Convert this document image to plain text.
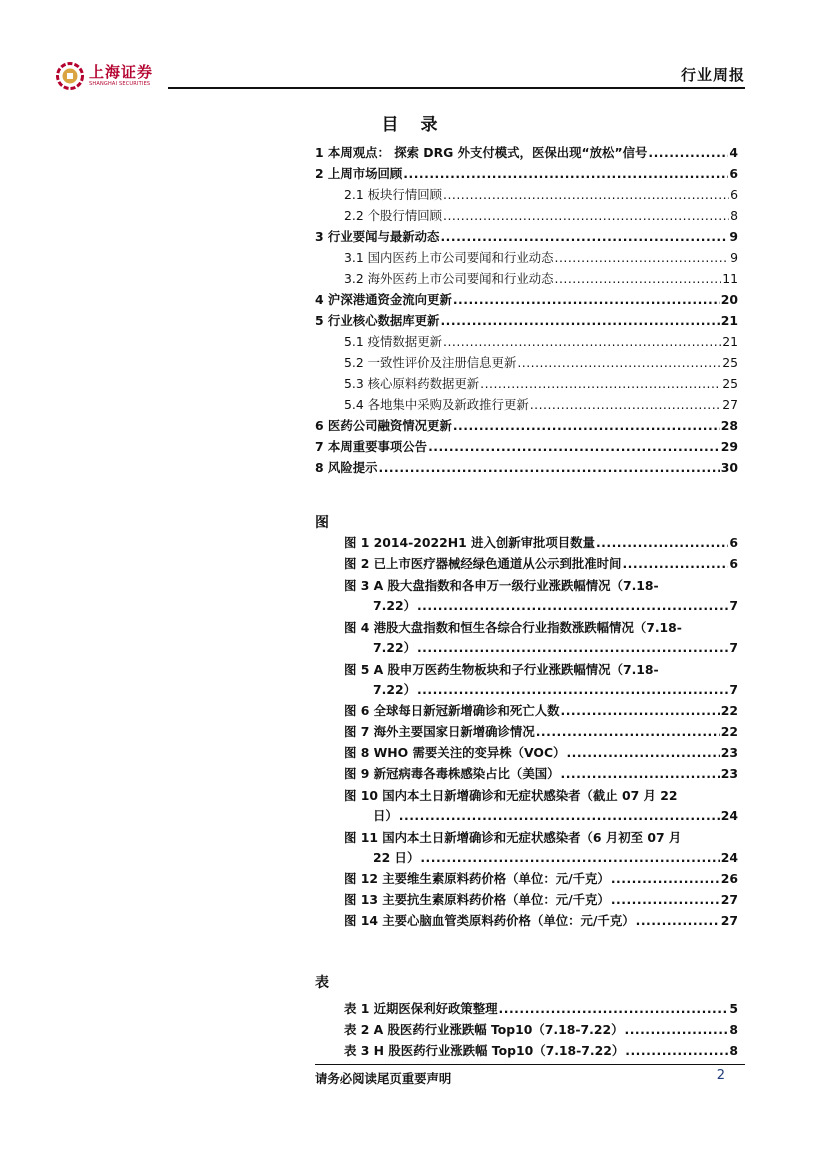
上海证券
SHANGHAI SECURITIES	行业周报
目 录
1 本周观点： 探索 DRG 外支付模式，医保出现“放松”信号 .....	4
2 上周市场回顾 .....	6
2.1 板块行情回顾 .....	6
2.2 个股行情回顾 .....	8
3 行业要闻与最新动态 .....	9
3.1 国内医药上市公司要闻和行业动态 .....	9
3.2 海外医药上市公司要闻和行业动态 .....	11
4 沪深港通资金流向更新 .....	20
5 行业核心数据库更新 .....	21
5.1 疫情数据更新 .....	21
5.2 一致性评价及注册信息更新 .....	25
5.3 核心原料药数据更新 .....	25
5.4 各地集中采购及新政推行更新 .....	27
6 医药公司融资情况更新 .....	28
7 本周重要事项公告 .....	29
8 风险提示 .....	30
图
图 1 2014-2022H1 进入创新审批项目数量 .....	6
图 2 已上市医疗器械经绿色通道从公示到批准时间 .....	6
图 3 A 股大盘指数和各申万一级行业涨跌幅情况（7.18-
7.22） .....	7
图 4 港股大盘指数和恒生各综合行业指数涨跌幅情况（7.18-
7.22） .....	7
图 5 A 股申万医药生物板块和子行业涨跌幅情况（7.18-
7.22） .....	7
图 6 全球每日新冠新增确诊和死亡人数 .....	22
图 7 海外主要国家日新增确诊情况 .....	22
图 8 WHO 需要关注的变异株（VOC） .....	23
图 9 新冠病毒各毒株感染占比（美国） .....	23
图 10 国内本土日新增确诊和无症状感染者（截止 07 月 22
日） .....	24
图 11 国内本土日新增确诊和无症状感染者（6 月初至 07 月
22 日） .....	24
图 12 主要维生素原料药价格（单位：元/千克） .....	26
图 13 主要抗生素原料药价格（单位：元/千克） .....	27
图 14 主要心脑血管类原料药价格（单位：元/千克） .....	27
表
表 1 近期医保利好政策整理 .....	5
表 2 A 股医药行业涨跌幅 Top10（7.18-7.22） .....	8
表 3 H 股医药行业涨跌幅 Top10（7.18-7.22） .....	8
请务必阅读尾页重要声明	2
